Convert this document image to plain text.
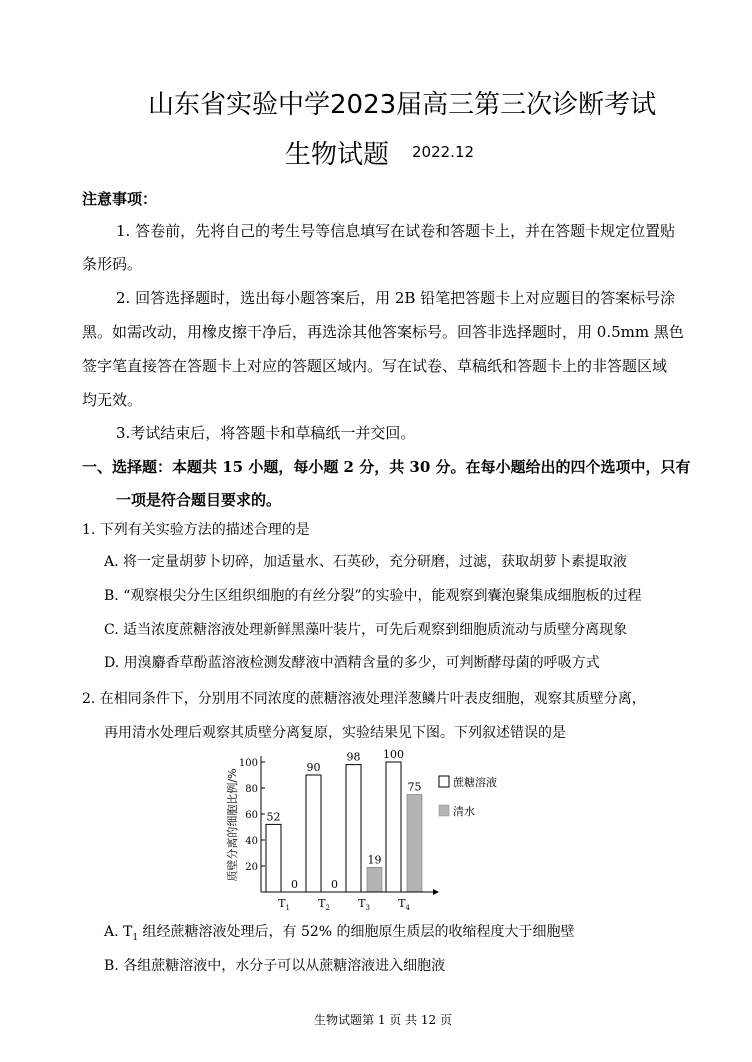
山东省实验中学2023届高三第三次诊断考试
生物试题 2022.12
注意事项：
1. 答卷前，先将自己的考生号等信息填写在试卷和答题卡上，并在答题卡规定位置贴
条形码。
2. 回答选择题时，选出每小题答案后，用 2B 铅笔把答题卡上对应题目的答案标号涂
黑。如需改动，用橡皮擦干净后，再选涂其他答案标号。回答非选择题时，用 0.5mm 黑色
签字笔直接答在答题卡上对应的答题区域内。写在试卷、草稿纸和答题卡上的非答题区域
均无效。
3.考试结束后，将答题卡和草稿纸一并交回。
一、选择题：本题共 15 小题，每小题 2 分，共 30 分。在每小题给出的四个选项中，只有
一项是符合题目要求的。
1. 下列有关实验方法的描述合理的是
A. 将一定量胡萝卜切碎，加适量水、石英砂，充分研磨，过滤，获取胡萝卜素提取液
B. “观察根尖分生区组织细胞的有丝分裂”的实验中，能观察到囊泡聚集成细胞板的过程
C. 适当浓度蔗糖溶液处理新鲜黑藻叶装片，可先后观察到细胞质流动与质壁分离现象
D. 用溴麝香草酚蓝溶液检测发酵液中酒精含量的多少，可判断酵母菌的呼吸方式
2. 在相同条件下，分别用不同浓度的蔗糖溶液处理洋葱鳞片叶表皮细胞，观察其质壁分离，
再用清水处理后观察其质壁分离复原，实验结果见下图。下列叙述错误的是
质壁分离的细胞比例/% 20
40
60
80
100
52
0
90
0
98
19
100
75
$T_1$	$T_2$	$T_3$	$T_4$
蔗糖溶液
清水
A. $T_1$ 组经蔗糖溶液处理后，有 52% 的细胞原生质层的收缩程度大于细胞壁
B. 各组蔗糖溶液中，水分子可以从蔗糖溶液进入细胞液
生物试题第 1 页 共 12 页
